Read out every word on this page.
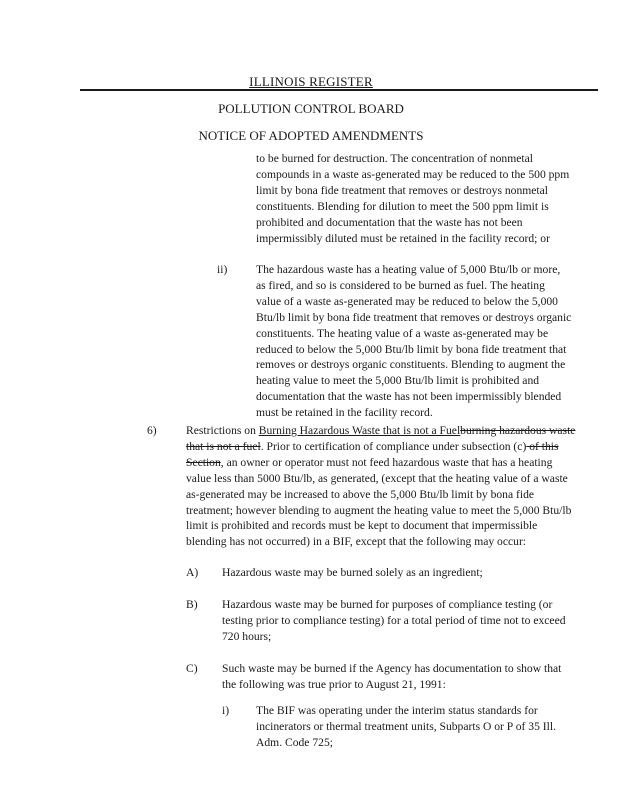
ILLINOIS REGISTER
POLLUTION CONTROL BOARD
NOTICE OF ADOPTED AMENDMENTS

to be burned for destruction. The concentration of nonmetal compounds in a waste as-generated may be reduced to the 500 ppm limit by bona fide treatment that removes or destroys nonmetal constituents. Blending for dilution to meet the 500 ppm limit is prohibited and documentation that the waste has not been impermissibly diluted must be retained in the facility record; or

ii) The hazardous waste has a heating value of 5,000 Btu/lb or more, as fired, and so is considered to be burned as fuel. The heating value of a waste as-generated may be reduced to below the 5,000 Btu/lb limit by bona fide treatment that removes or destroys organic constituents. The heating value of a waste as-generated may be reduced to below the 5,000 Btu/lb limit by bona fide treatment that removes or destroys organic constituents. Blending to augment the heating value to meet the 5,000 Btu/lb limit is prohibited and documentation that the waste has not been impermissibly blended must be retained in the facility record.

6)	Restrictions on Burning Hazardous Waste that is not a Fuelburning hazardous waste that is not a fuel. Prior to certification of compliance under subsection (c) of this Section, an owner or operator must not feed hazardous waste that has a heating value less than 5000 Btu/lb, as generated, (except that the heating value of a waste as-generated may be increased to above the 5,000 Btu/lb limit by bona fide treatment; however blending to augment the heating value to meet the 5,000 Btu/lb limit is prohibited and records must be kept to document that impermissible blending has not occurred) in a BIF, except that the following may occur:

A) Hazardous waste may be burned solely as an ingredient;

B) Hazardous waste may be burned for purposes of compliance testing (or testing prior to compliance testing) for a total period of time not to exceed 720 hours;

C) Such waste may be burned if the Agency has documentation to show that the following was true prior to August 21, 1991:

i) The BIF was operating under the interim status standards for incinerators or thermal treatment units, Subparts O or P of 35 Ill. Adm. Code 725;
